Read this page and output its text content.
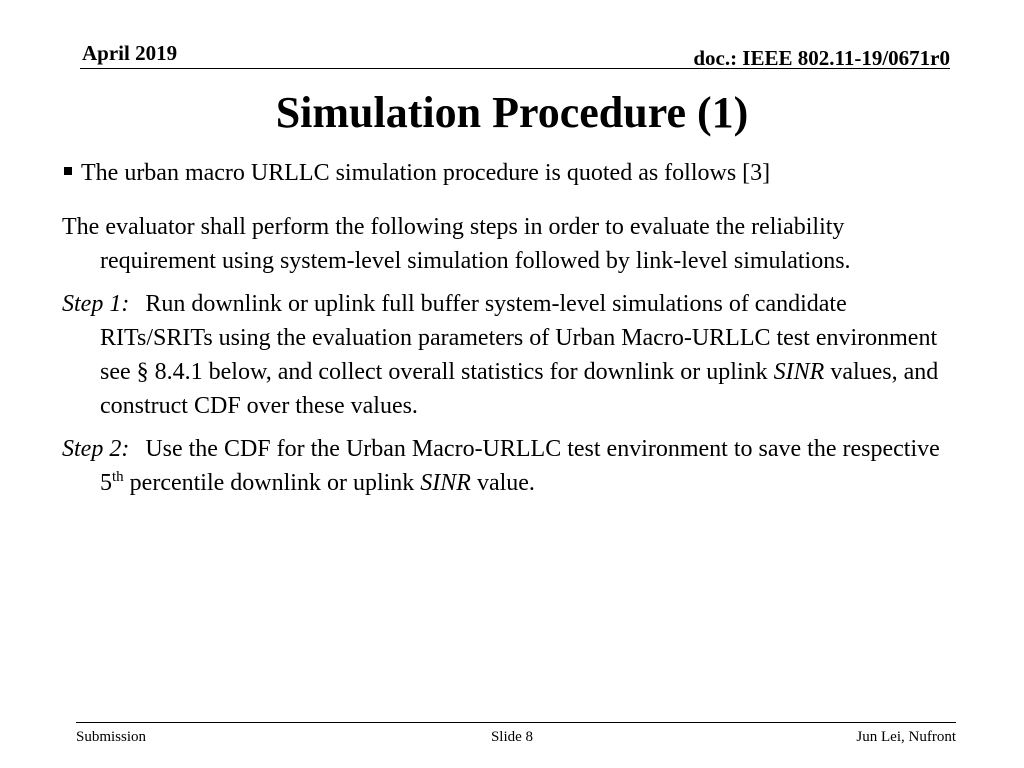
April 2019	doc.: IEEE 802.11-19/0671r0
Simulation Procedure (1)
The urban macro URLLC simulation procedure is quoted as follows [3]

The evaluator shall perform the following steps in order to evaluate the reliability requirement using system-level simulation followed by link-level simulations.

Step 1: Run downlink or uplink full buffer system-level simulations of candidate RITs/SRITs using the evaluation parameters of Urban Macro-URLLC test environment see § 8.4.1 below, and collect overall statistics for downlink or uplink SINR values, and construct CDF over these values.

Step 2: Use the CDF for the Urban Macro-URLLC test environment to save the respective 5th percentile downlink or uplink SINR value.

Submission	Slide 8	Jun Lei, Nufront
